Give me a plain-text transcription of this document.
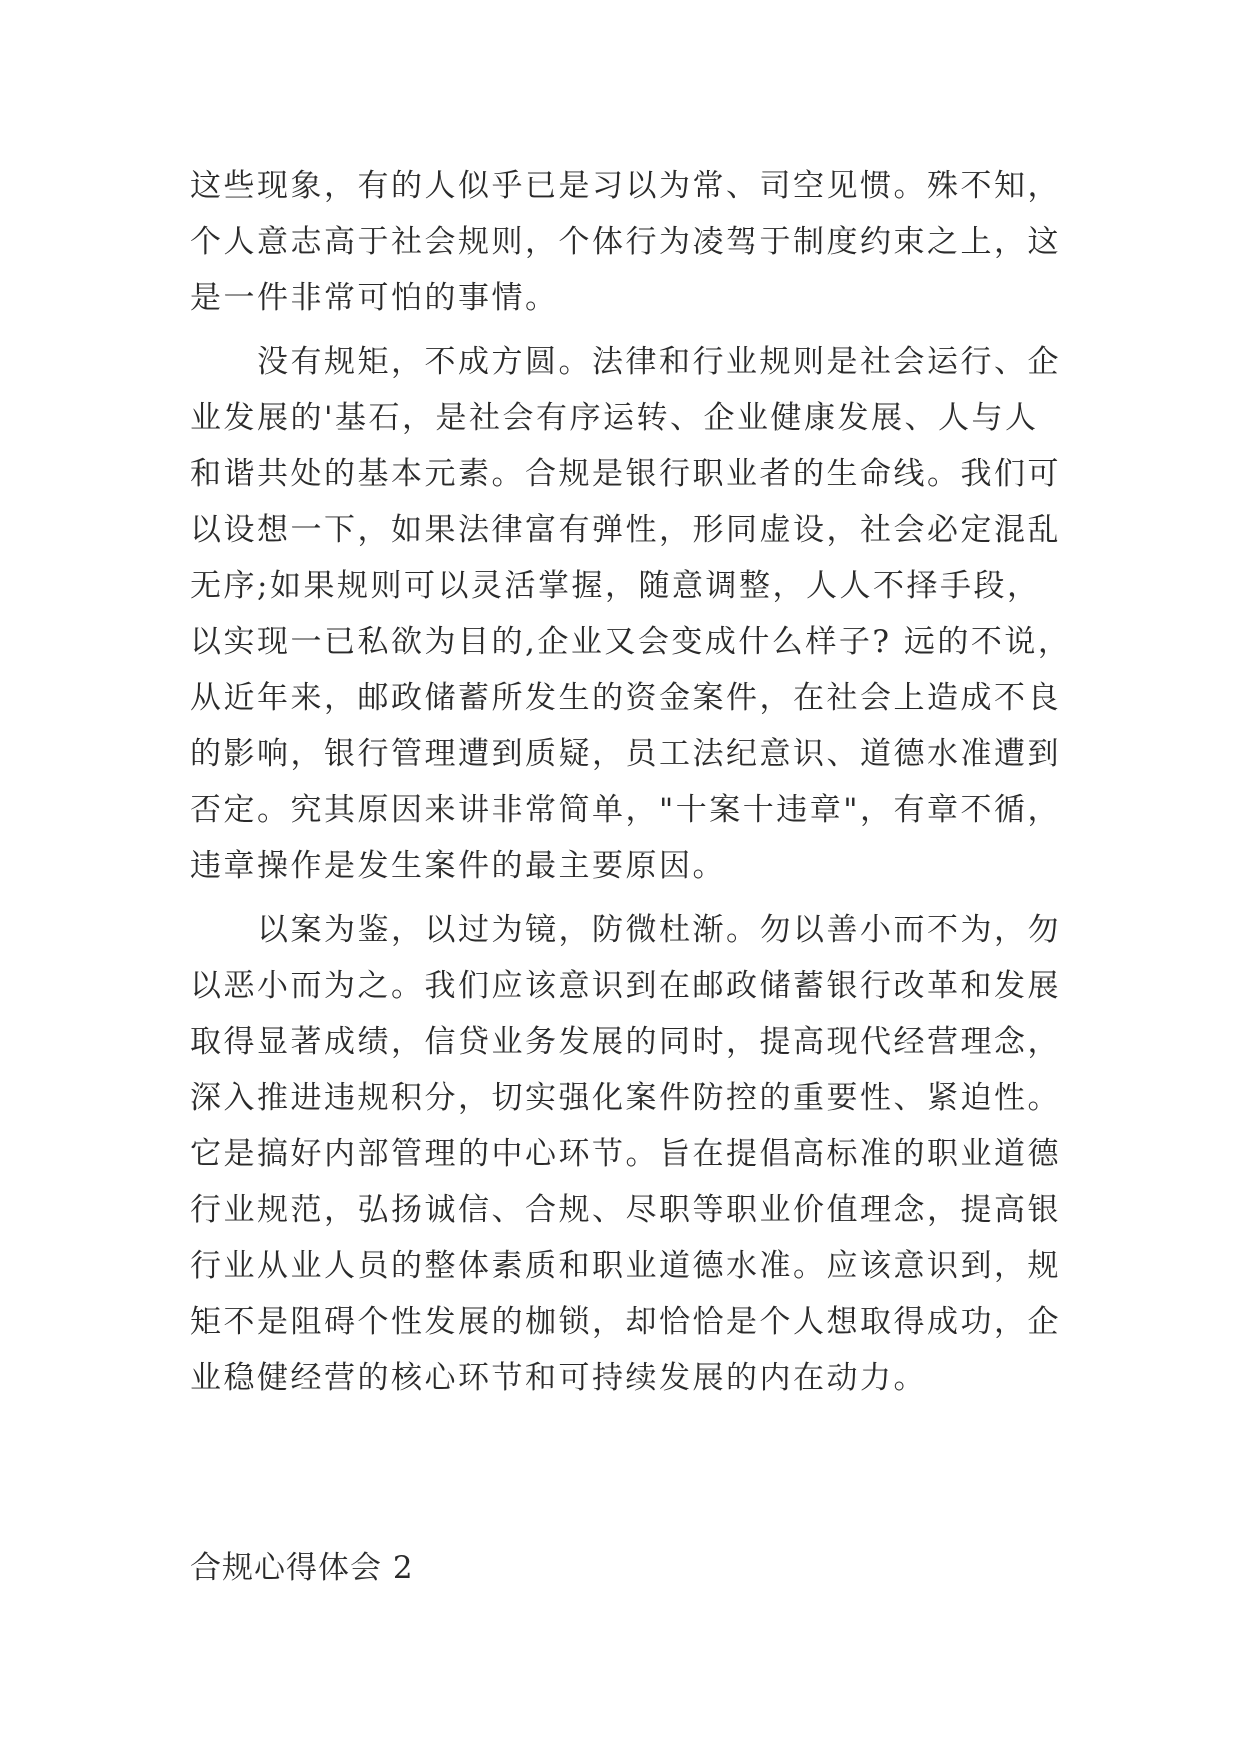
这些现象，有的人似乎已是习以为常、司空见惯。殊不知，
个人意志高于社会规则，个体行为凌驾于制度约束之上，这
是一件非常可怕的事情。
　　没有规矩，不成方圆。法律和行业规则是社会运行、企
业发展的'基石，是社会有序运转、企业健康发展、人与人
和谐共处的基本元素。合规是银行职业者的生命线。我们可
以设想一下，如果法律富有弹性，形同虚设，社会必定混乱
无序;如果规则可以灵活掌握，随意调整，人人不择手段，
以实现一已私欲为目的,企业又会变成什么样子? 远的不说，
从近年来，邮政储蓄所发生的资金案件，在社会上造成不良
的影响，银行管理遭到质疑，员工法纪意识、道德水准遭到
否定。究其原因来讲非常简单，"十案十违章"，有章不循，
违章操作是发生案件的最主要原因。
　　以案为鉴，以过为镜，防微杜渐。勿以善小而不为，勿
以恶小而为之。我们应该意识到在邮政储蓄银行改革和发展
取得显著成绩，信贷业务发展的同时，提高现代经营理念，
深入推进违规积分，切实强化案件防控的重要性、紧迫性。
它是搞好内部管理的中心环节。旨在提倡高标准的职业道德
行业规范，弘扬诚信、合规、尽职等职业价值理念，提高银
行业从业人员的整体素质和职业道德水准。应该意识到，规
矩不是阻碍个性发展的枷锁，却恰恰是个人想取得成功，企
业稳健经营的核心环节和可持续发展的内在动力。
合规心得体会 2
